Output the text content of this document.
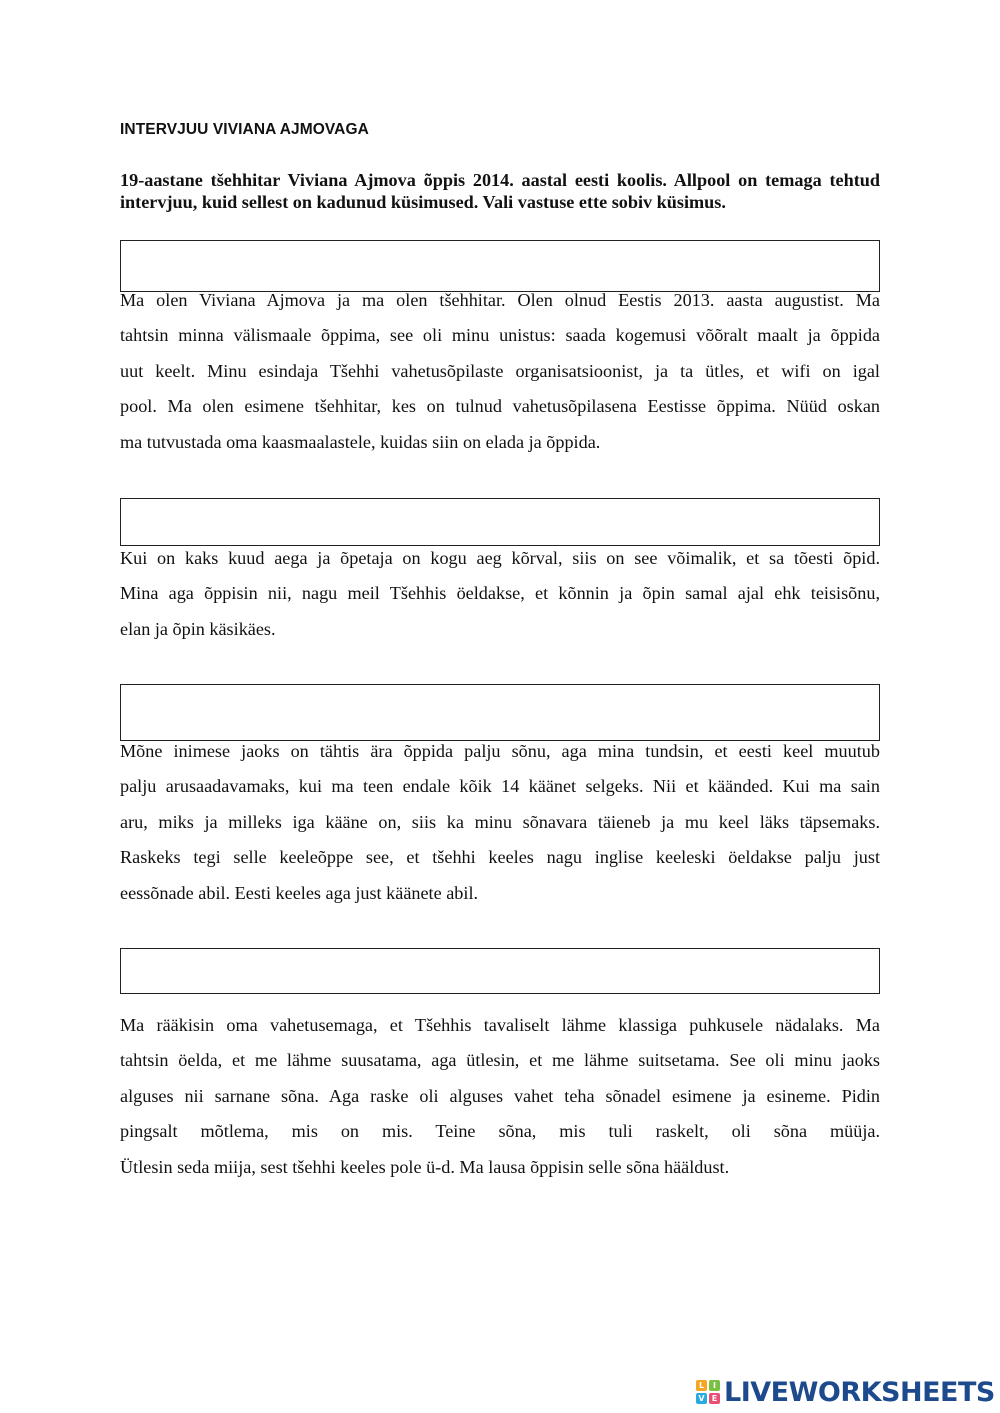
INTERVJUU VIVIANA AJMOVAGA
19-aastane tšehhitar Viviana Ajmova õppis 2014. aastal eesti koolis. Allpool on temaga tehtud intervjuu, kuid sellest on kadunud küsimused. Vali vastuse ette sobiv küsimus.
Ma olen Viviana Ajmova ja ma olen tšehhitar. Olen olnud Eestis 2013. aasta augustist. Ma
tahtsin minna välismaale õppima, see oli minu unistus: saada kogemusi võõralt maalt ja õppida
uut keelt. Minu esindaja Tšehhi vahetusõpilaste organisatsioonist, ja ta ütles, et wifi on igal
pool. Ma olen esimene tšehhitar, kes on tulnud vahetusõpilasena Eestisse õppima. Nüüd oskan
ma tutvustada oma kaasmaalastele, kuidas siin on elada ja õppida.
Kui on kaks kuud aega ja õpetaja on kogu aeg kõrval, siis on see võimalik, et sa tõesti õpid.
Mina aga õppisin nii, nagu meil Tšehhis öeldakse, et kõnnin ja õpin samal ajal ehk teisisõnu,
elan ja õpin käsikäes.
Mõne inimese jaoks on tähtis ära õppida palju sõnu, aga mina tundsin, et eesti keel muutub
palju arusaadavamaks, kui ma teen endale kõik 14 käänet selgeks. Nii et käänded. Kui ma sain
aru, miks ja milleks iga kääne on, siis ka minu sõnavara täieneb ja mu keel läks täpsemaks.
Raskeks tegi selle keeleõppe see, et tšehhi keeles nagu inglise keeleski öeldakse palju just
eessõnade abil. Eesti keeles aga just käänete abil.
Ma rääkisin oma vahetusemaga, et Tšehhis tavaliselt lähme klassiga puhkusele nädalaks. Ma
tahtsin öelda, et me lähme suusatama, aga ütlesin, et me lähme suitsetama. See oli minu jaoks
alguses nii sarnane sõna. Aga raske oli alguses vahet teha sõnadel esimene ja esineme. Pidin
pingsalt mõtlema, mis on mis. Teine sõna, mis tuli raskelt, oli sõna müüja.
Ütlesin seda miija, sest tšehhi keeles pole ü-d. Ma lausa õppisin selle sõna hääldust.
L	I
V E LIVEWORKSHEETS
